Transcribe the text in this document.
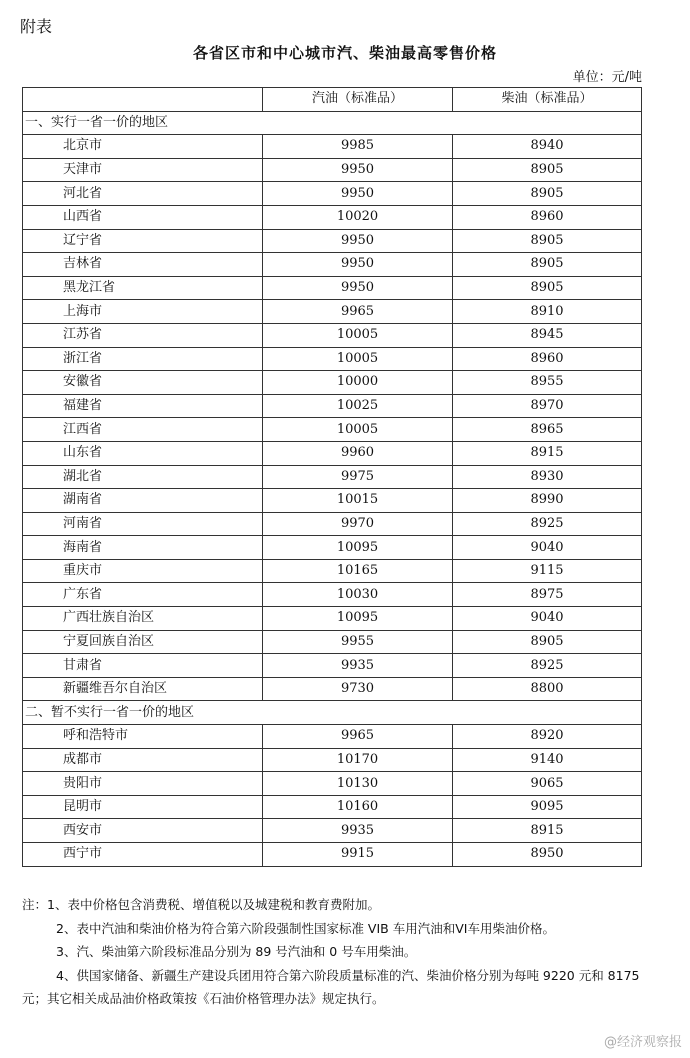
附表
各省区市和中心城市汽、柴油最高零售价格
单位：元/吨
	汽油（标准品）	柴油（标准品）
一、实行一省一价的地区		
北京市	9985	8940
天津市	9950	8905
河北省	9950	8905
山西省	10020	8960
辽宁省	9950	8905
吉林省	9950	8905
黑龙江省	9950	8905
上海市	9965	8910
江苏省	10005	8945
浙江省	10005	8960
安徽省	10000	8955
福建省	10025	8970
江西省	10005	8965
山东省	9960	8915
湖北省	9975	8930
湖南省	10015	8990
河南省	9970	8925
海南省	10095	9040
重庆市	10165	9115
广东省	10030	8975
广西壮族自治区	10095	9040
宁夏回族自治区	9955	8905
甘肃省	9935	8925
新疆维吾尔自治区	9730	8800
二、暂不实行一省一价的地区		
呼和浩特市	9965	8920
成都市	10170	9140
贵阳市	10130	9065
昆明市	10160	9095
西安市	9935	8915
西宁市	9915	8950

注：1、表中价格包含消费税、增值税以及城建税和教育费附加。

2、表中汽油和柴油价格为符合第六阶段强制性国家标准 VIB 车用汽油和VI车用柴油价格。

3、汽、柴油第六阶段标准品分别为 89 号汽油和 0 号车用柴油。

4、供国家储备、新疆生产建设兵团用符合第六阶段质量标准的汽、柴油价格分别为每吨 9220 元和 8175 元；其它相关成品油价格政策按《石油价格管理办法》规定执行。

@经济观察报
